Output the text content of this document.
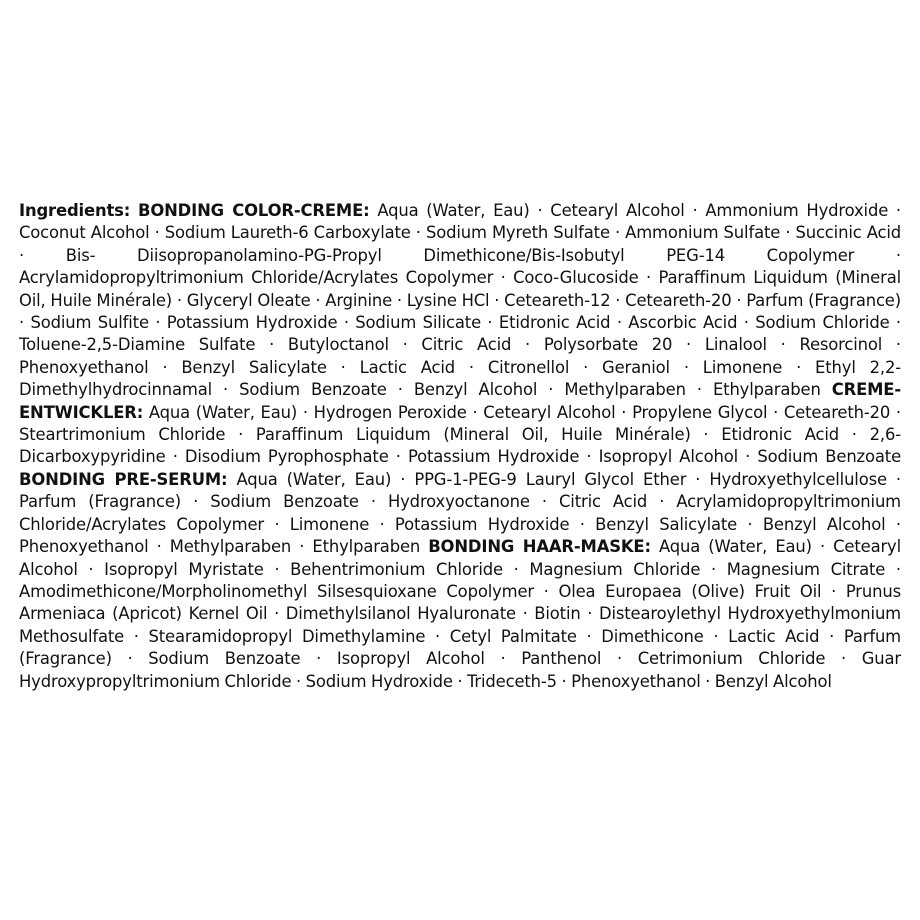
Ingredients: BONDING COLOR-CREME: Aqua (Water, Eau) · Cetearyl Alcohol · Ammonium Hydroxide · Coconut Alcohol · Sodium Laureth-6 Carboxylate · Sodium Myreth Sulfate · Ammonium Sulfate · Succinic Acid · Bis- Diisopropanolamino-PG-Propyl Dimethicone/Bis-Isobutyl PEG-14 Copolymer · Acrylamidopropyltrimonium Chloride/Acrylates Copolymer · Coco-Glucoside · Paraffinum Liquidum (Mineral Oil, Huile Minérale) · Glyceryl Oleate · Arginine · Lysine HCl · Ceteareth-12 · Ceteareth-20 · Parfum (Fragrance) · Sodium Sulfite · Potassium Hydroxide · Sodium Silicate · Etidronic Acid · Ascorbic Acid · Sodium Chloride · Toluene-2,5-Diamine Sulfate · Butyloctanol · Citric Acid · Polysorbate 20 · Linalool · Resorcinol · Phenoxyethanol · Benzyl Salicylate · Lactic Acid · Citronellol · Geraniol · Limonene · Ethyl 2,2-Dimethylhydrocinnamal · Sodium Benzoate · Benzyl Alcohol · Methylparaben · Ethylparaben CREME-ENTWICKLER: Aqua (Water, Eau) · Hydrogen Peroxide · Cetearyl Alcohol · Propylene Glycol · Ceteareth-20 · Steartrimonium Chloride · Paraffinum Liquidum (Mineral Oil, Huile Minérale) · Etidronic Acid · 2,6-Dicarboxypyridine · Disodium Pyrophosphate · Potassium Hydroxide · Isopropyl Alcohol · Sodium Benzoate BONDING PRE-SERUM: Aqua (Water, Eau) · PPG-1-PEG-9 Lauryl Glycol Ether · Hydroxyethylcellulose · Parfum (Fragrance) · Sodium Benzoate · Hydroxyoctanone · Citric Acid · Acrylamidopropyltrimonium Chloride/Acrylates Copolymer · Limonene · Potassium Hydroxide · Benzyl Salicylate · Benzyl Alcohol · Phenoxyethanol · Methylparaben · Ethylparaben BONDING HAAR-MASKE: Aqua (Water, Eau) · Cetearyl Alcohol · Isopropyl Myristate · Behentrimonium Chloride · Magnesium Chloride · Magnesium Citrate · Amodimethicone/Morpholinomethyl Silsesquioxane Copolymer · Olea Europaea (Olive) Fruit Oil · Prunus Armeniaca (Apricot) Kernel Oil · Dimethylsilanol Hyaluronate · Biotin · Distearoylethyl Hydroxyethylmonium Methosulfate · Stearamidopropyl Dimethylamine · Cetyl Palmitate · Dimethicone · Lactic Acid · Parfum (Fragrance) · Sodium Benzoate · Isopropyl Alcohol · Panthenol · Cetrimonium Chloride · Guar Hydroxypropyltrimonium Chloride · Sodium Hydroxide · Trideceth-5 · Phenoxyethanol · Benzyl Alcohol
